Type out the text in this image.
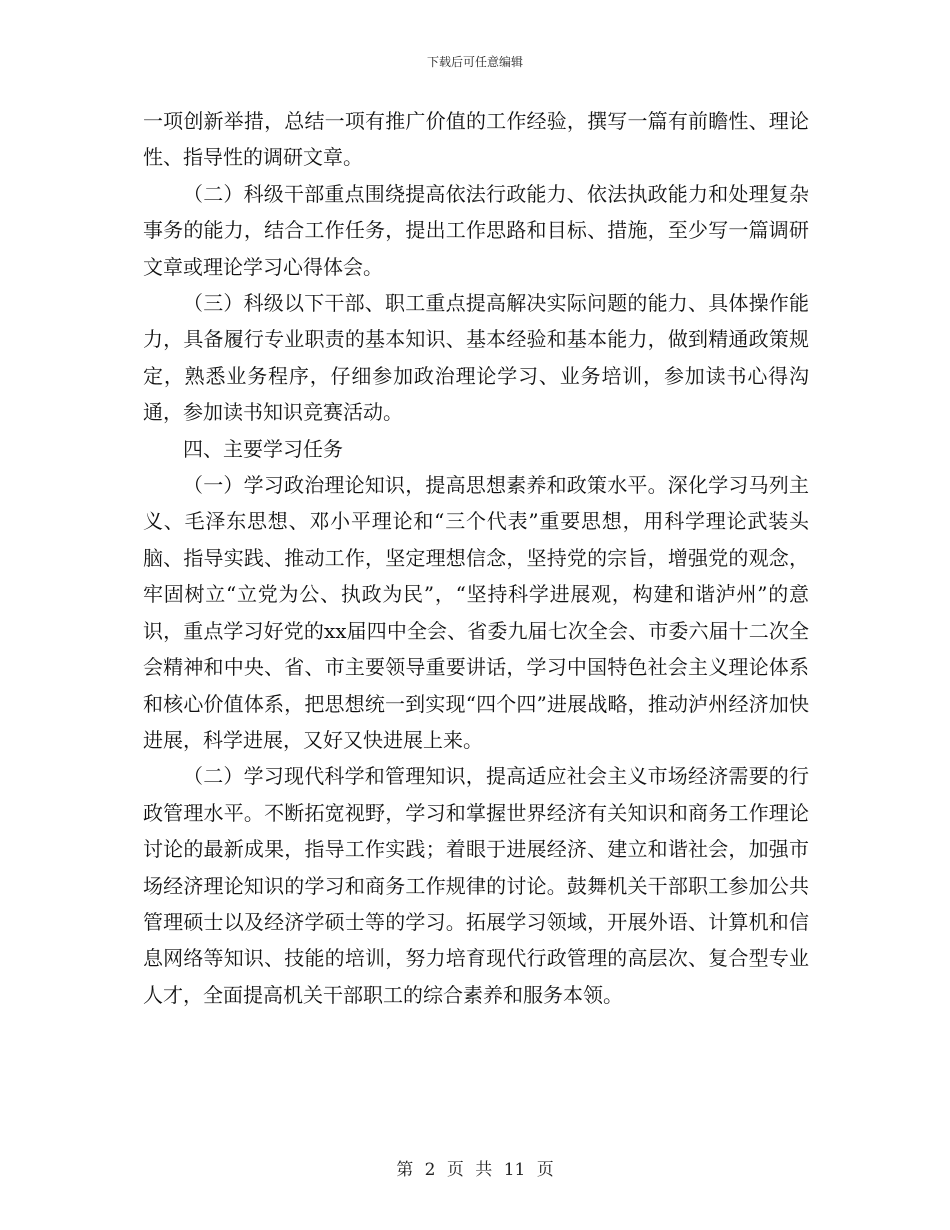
下载后可任意编辑

一项创新举措，总结一项有推广价值的工作经验，撰写一篇有前瞻性、理论性、指导性的调研文章。

（二）科级干部重点围绕提高依法行政能力、依法执政能力和处理复杂事务的能力，结合工作任务，提出工作思路和目标、措施，至少写一篇调研文章或理论学习心得体会。

（三）科级以下干部、职工重点提高解决实际问题的能力、具体操作能力，具备履行专业职责的基本知识、基本经验和基本能力，做到精通政策规定，熟悉业务程序，仔细参加政治理论学习、业务培训，参加读书心得沟通，参加读书知识竞赛活动。

四、主要学习任务

（一）学习政治理论知识，提高思想素养和政策水平。深化学习马列主义、毛泽东思想、邓小平理论和“三个代表”重要思想，用科学理论武装头脑、指导实践、推动工作，坚定理想信念，坚持党的宗旨，增强党的观念，牢固树立“立党为公、执政为民”，“坚持科学进展观，构建和谐泸州”的意识，重点学习好党的xx届四中全会、省委九届七次全会、市委六届十二次全会精神和中央、省、市主要领导重要讲话，学习中国特色社会主义理论体系和核心价值体系，把思想统一到实现“四个四”进展战略，推动泸州经济加快进展，科学进展，又好又快进展上来。

（二）学习现代科学和管理知识，提高适应社会主义市场经济需要的行政管理水平。不断拓宽视野，学习和掌握世界经济有关知识和商务工作理论讨论的最新成果，指导工作实践；着眼于进展经济、建立和谐社会，加强市场经济理论知识的学习和商务工作规律的讨论。鼓舞机关干部职工参加公共管理硕士以及经济学硕士等的学习。拓展学习领域，开展外语、计算机和信息网络等知识、技能的培训，努力培育现代行政管理的高层次、复合型专业人才，全面提高机关干部职工的综合素养和服务本领。

第 2 页 共 11 页
